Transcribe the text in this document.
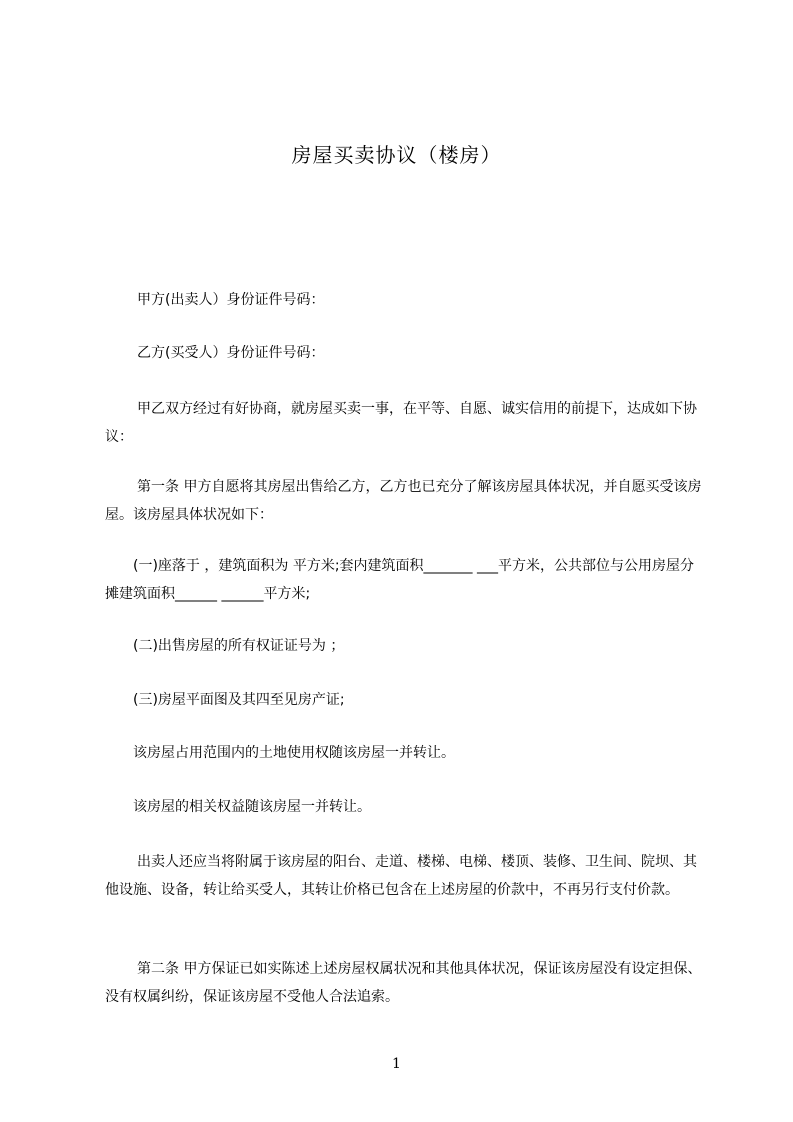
房屋买卖协议（楼房）

甲方(出卖人）身份证件号码：

乙方(买受人）身份证件号码：

甲乙双方经过有好协商，就房屋买卖一事，在平等、自愿、诚实信用的前提下，达成如下协议：

第一条 甲方自愿将其房屋出售给乙方，乙方也已充分了解该房屋具体状况，并自愿买受该房屋。该房屋具体状况如下：

(一)座落于 ，建筑面积为 平方米;套内建筑面积_______ ___平方米，公共部位与公用房屋分摊建筑面积______ ______平方米;

(二)出售房屋的所有权证证号为 ；

(三)房屋平面图及其四至见房产证;

该房屋占用范围内的土地使用权随该房屋一并转让。

该房屋的相关权益随该房屋一并转让。

出卖人还应当将附属于该房屋的阳台、走道、楼梯、电梯、楼顶、装修、卫生间、院坝、其他设施、设备，转让给买受人，其转让价格已包含在上述房屋的价款中，不再另行支付价款。

第二条 甲方保证已如实陈述上述房屋权属状况和其他具体状况，保证该房屋没有设定担保、没有权属纠纷，保证该房屋不受他人合法追索。

1
